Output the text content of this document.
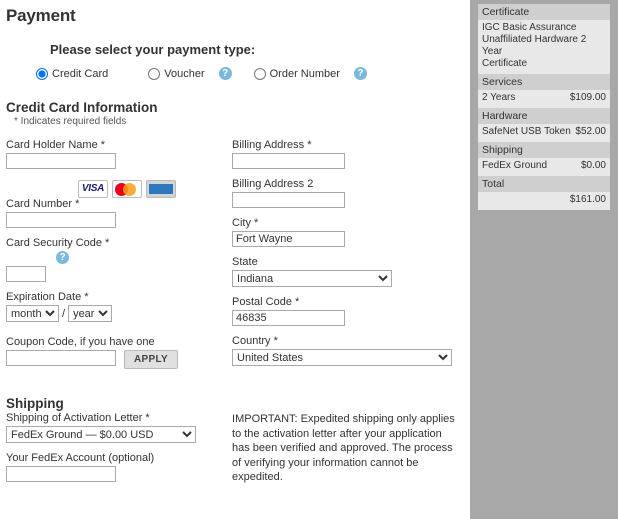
Payment
Please select your payment type:
Credit Card	Voucher	?	Order Number	?
Credit Card Information
* Indicates required fields
Card Holder Name *
VISA
Card Number *
Card Security Code *
?
Expiration Date *
month
/
year
Coupon Code, if you have one
APPLY
Billing Address *
Billing Address 2
City *
Fort Wayne
State
Indiana
Postal Code *
46835
Country *
United States
Shipping
Shipping of Activation Letter *
FedEx Ground — $0.00 USD
Your FedEx Account (optional)
IMPORTANT: Expedited shipping only applies to the activation letter after your application has been verified and approved. The process of verifying your information cannot be expedited.
Certificate
IGC Basic Assurance
Unaffiliated Hardware 2 Year
Certificate
Services
2 Years	$109.00
Hardware
SafeNet USB Token $52.00
Shipping
FedEx Ground	$0.00
Total
$161.00
